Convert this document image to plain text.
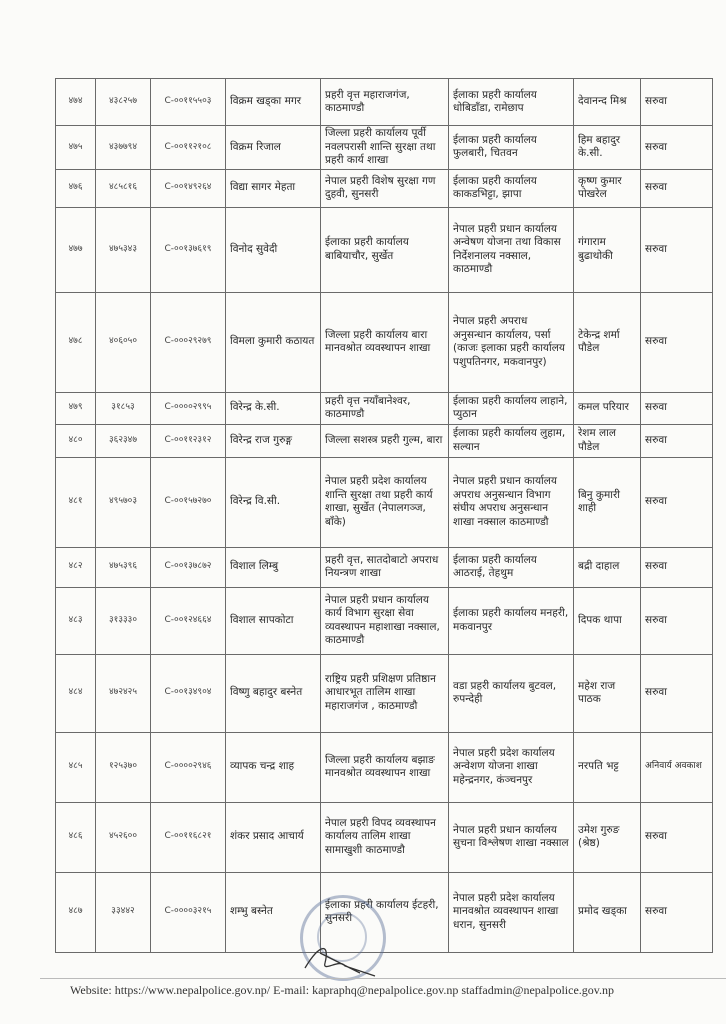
४७४	४३८२५७	C-००११५५०३	विक्रम खड्का मगर	प्रहरी वृत्त महाराजगंज, काठमाण्डौ	ईलाका प्रहरी कार्यालय धोबिडाँडा, रामेछाप	देवानन्द मिश्र	सरुवा
४७५	४३७७९४	C-००११२१०८	विक्रम रिजाल	जिल्ला प्रहरी कार्यालय पूर्वी नवलपरासी शान्ति सुरक्षा तथा प्रहरी कार्य शाखा	ईलाका प्रहरी कार्यालय फुलबारी, चितवन	हिम बहादुर के.सी.	सरुवा
४७६	४८५८१६	C-००१४९२६४	विद्या सागर मेहता	नेपाल प्रहरी विशेष सुरक्षा गण दुहवी, सुनसरी	ईलाका प्रहरी कार्यालय काकडभिट्टा, झापा	कृष्ण कुमार पोखरेल	सरुवा
४७७	४७५३४३	C-००१३७६१९	विनोद सुवेदी	ईलाका प्रहरी कार्यालय बाबियाचौर, सुर्खेत	नेपाल प्रहरी प्रधान कार्यालय अन्वेषण योजना तथा विकास निर्देशनालय नक्साल, काठमाण्डौ	गंगाराम बुढाथोकी	सरुवा
४७८	४०६०५०	C-०००२९२७९	विमला कुमारी कठायत	जिल्ला प्रहरी कार्यालय बारा मानवश्रोत व्यवस्थापन शाखा	नेपाल प्रहरी अपराध अनुसन्धान कार्यालय, पर्सा (काजः इलाका प्रहरी कार्यालय पशुपतिनगर, मकवानपुर)	टेकेन्द्र शर्मा पौडेल	सरुवा
४७९	३१८५३	C-००००२९९५	विरेन्द्र के.सी.	प्रहरी वृत्त नयाँबानेश्वर, काठमाण्डौ	ईलाका प्रहरी कार्यालय लाहाने, प्युठान	कमल परियार	सरुवा
४८०	३६२३४७	C-००११२३१२	विरेन्द्र राज गुरुङ्ग	जिल्ला सशस्त्र प्रहरी गुल्म, बारा	ईलाका प्रहरी कार्यालय लुहाम, सल्यान	रेशम लाल पौडेल	सरुवा
४८१	४९५७०३	C-००१५७२७०	विरेन्द्र वि.सी.	नेपाल प्रहरी प्रदेश कार्यालय शान्ति सुरक्षा तथा प्रहरी कार्य शाखा, सुर्खेत (नेपालगञ्ज, बाँके)	नेपाल प्रहरी प्रधान कार्यालय अपराध अनुसन्धान विभाग संघीय अपराध अनुसन्धान शाखा नक्साल काठमाण्डौ	बिनु कुमारी शाही	सरुवा
४८२	४७५३९६	C-००१३७८७२	विशाल लिम्बु	प्रहरी वृत्त, सातदोबाटो अपराध नियन्त्रण शाखा	ईलाका प्रहरी कार्यालय आठराई, तेहथुम	बद्री दाहाल	सरुवा
४८३	३१३३३०	C-००१२४६६४	विशाल सापकोटा	नेपाल प्रहरी प्रधान कार्यालय कार्य विभाग सुरक्षा सेवा व्यवस्थापन महाशाखा नक्साल, काठमाण्डौ	ईलाका प्रहरी कार्यालय मनहरी, मकवानपुर	दिपक थापा	सरुवा
४८४	४७२४२५	C-००१३४९०४	विष्णु बहादुर बस्नेत	राष्ट्रिय प्रहरी प्रशिक्षण प्रतिष्ठान आधारभूत तालिम शाखा महाराजगंज , काठमाण्डौ	वडा प्रहरी कार्यालय बुटवल, रुपन्देही	महेश राज पाठक	सरुवा
४८५	१२५३७०	C-००००२९४६	व्यापक चन्द्र शाह	जिल्ला प्रहरी कार्यालय बझाङ मानवश्रोत व्यवस्थापन शाखा	नेपाल प्रहरी प्रदेश कार्यालय अन्वेशण योजना शाखा महेन्द्रनगर, कंञ्चनपुर	नरपति भट्ट	अनिवार्य अवकाश
४८६	४५२६००	C-००११६८२१	शंकर प्रसाद आचार्य	नेपाल प्रहरी विपद व्यवस्थापन कार्यालय तालिम शाखा सामाखुशी काठमाण्डौ	नेपाल प्रहरी प्रधान कार्यालय सुचना विश्लेषण शाखा नक्साल	उमेश गुरुङ (श्रेष्ठ)	सरुवा
४८७	३३४४२	C-००००३२१५	शम्भु बस्नेत	ईलाका प्रहरी कार्यालय ईटहरी, सुनसरी	नेपाल प्रहरी प्रदेश कार्यालय मानवश्रोत व्यवस्थापन शाखा धरान, सुनसरी	प्रमोद खड्का	सरुवा
Website: https://www.nepalpolice.gov.np/ E-mail: kapraphq@nepalpolice.gov.np staffadmin@nepalpolice.gov.np
